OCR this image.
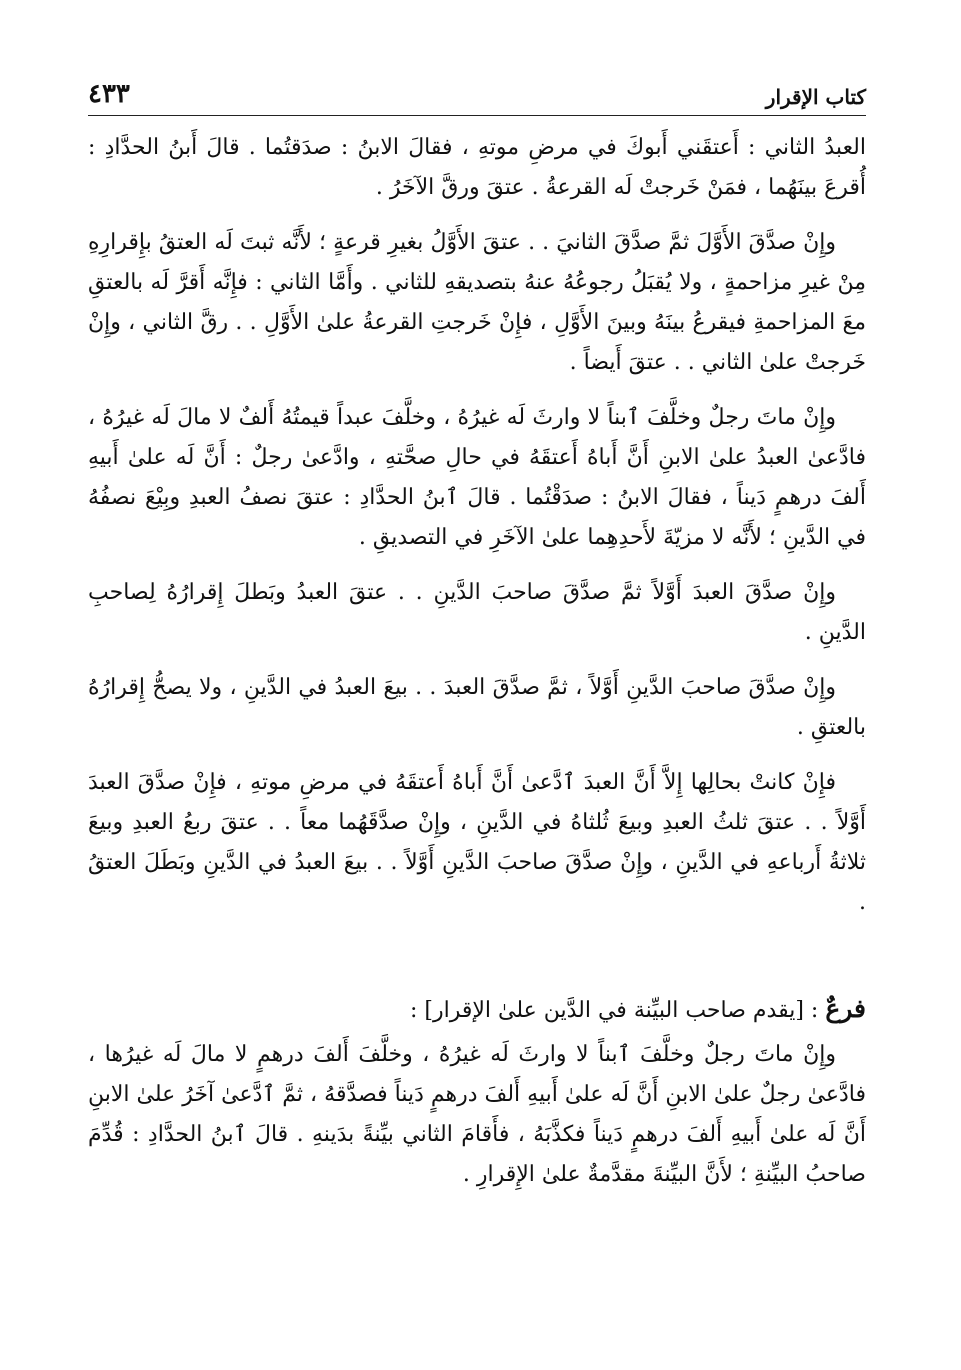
كتاب الإقرار
٤٣٣

العبدُ الثاني : أَعتقَني أَبوكَ في مرضِ موتهِ ، فقالَ الابنُ : صدَقتُما . قالَ أَبنُ الحدَّادِ : أُقرعَ بينَهُما ، فمَنْ خَرجتْ لَه القرعةُ . عتقَ ورقَّ الآخَرُ .

وإِنْ صدَّقَ الأَوَّلَ ثمَّ صدَّقَ الثانيَ . . عتقَ الأَوَّلُ بغيرِ قرعةٍ ؛ لأَنَّه ثبتَ لَه العتقُ بإِقرارِهِ مِنْ غيرِ مزاحمةٍ ، ولا يُقبَلُ رجوعُهُ عنهُ بتصديقهِ للثاني . وأَمَّا الثاني : فإِنَّه أَقرَّ لَه بالعتقِ معَ المزاحمةِ فيقرعُ بينَهُ وبينَ الأَوَّلِ ، فإِنْ خَرجتِ القرعةُ علىٰ الأَوَّلِ . . رقَّ الثاني ، وإِنْ خَرجتْ علىٰ الثاني . . عتقَ أَيضاً .

وإِنْ ماتَ رجلٌ وخلَّفَ ٱبناً لا وارثَ لَه غيرُهُ ، وخلَّفَ عبداً قيمتُهُ أَلفٌ لا مالَ لَه غيرُهُ ، فادَّعىٰ العبدُ علىٰ الابنِ أَنَّ أَباهُ أَعتقَهُ في حالِ صحَّتهِ ، وادَّعىٰ رجلٌ : أَنَّ لَه علىٰ أَبيهِ أَلفَ درهمٍ دَيناً ، فقالَ الابنُ : صدَقْتُما . قالَ ٱبنُ الحدَّادِ : عتقَ نصفُ العبدِ وبِيْعَ نصفُهُ في الدَّينِ ؛ لأَنَّه لا مزيّةَ لأَحدِهِما علىٰ الآخَرِ في التصديقِ .

وإِنْ صدَّقَ العبدَ أَوَّلاً ثمَّ صدَّقَ صاحبَ الدَّينِ . . عتقَ العبدُ وبَطلَ إِقرارُهُ لِصاحبِ الدَّينِ .

وإِنْ صدَّقَ صاحبَ الدَّينِ أَوَّلاً ، ثمَّ صدَّقَ العبدَ . . بيعَ العبدُ في الدَّينِ ، ولا يصحُّ إِقرارُهُ بالعتقِ .

فإِنْ كانتْ بحالِها إِلاَّ أَنَّ العبدَ ٱدَّعىٰ أَنَّ أَباهُ أَعتقَهُ في مرضِ موتهِ ، فإِنْ صدَّقَ العبدَ أَوَّلاً . . عتقَ ثلثُ العبدِ وبيعَ ثُلثاهُ في الدَّينِ ، وإِنْ صدَّقَهُما معاً . . عتقَ ربعُ العبدِ وبيعَ ثلاثةُ أَرباعهِ في الدَّينِ ، وإِنْ صدَّقَ صاحبَ الدَّينِ أَوَّلاً . . بيعَ العبدُ في الدَّينِ وبَطَلَ العتقُ .

فرعٌ : [يقدم صاحب البيِّنة في الدَّين علىٰ الإقرار] :

وإِنْ ماتَ رجلٌ وخلَّفَ ٱبناً لا وارثَ لَه غيرُهُ ، وخلَّفَ أَلفَ درهمٍ لا مالَ لَه غيرُها ، فادَّعىٰ رجلٌ علىٰ الابنِ أَنَّ لَه علىٰ أَبيهِ أَلفَ درهمٍ دَيناً فصدَّقهُ ، ثمَّ ٱدَّعىٰ آخَرُ علىٰ الابنِ أَنَّ لَه علىٰ أَبيهِ أَلفَ درهمٍ دَيناً فكذَّبَهُ ، فأَقامَ الثاني بيِّنةً بدَينهِ . قالَ ٱبنُ الحدَّادِ : قُدِّمَ صاحبُ البيِّنةِ ؛ لأَنَّ البيِّنةَ مقدَّمةٌ علىٰ الإِقرارِ .
